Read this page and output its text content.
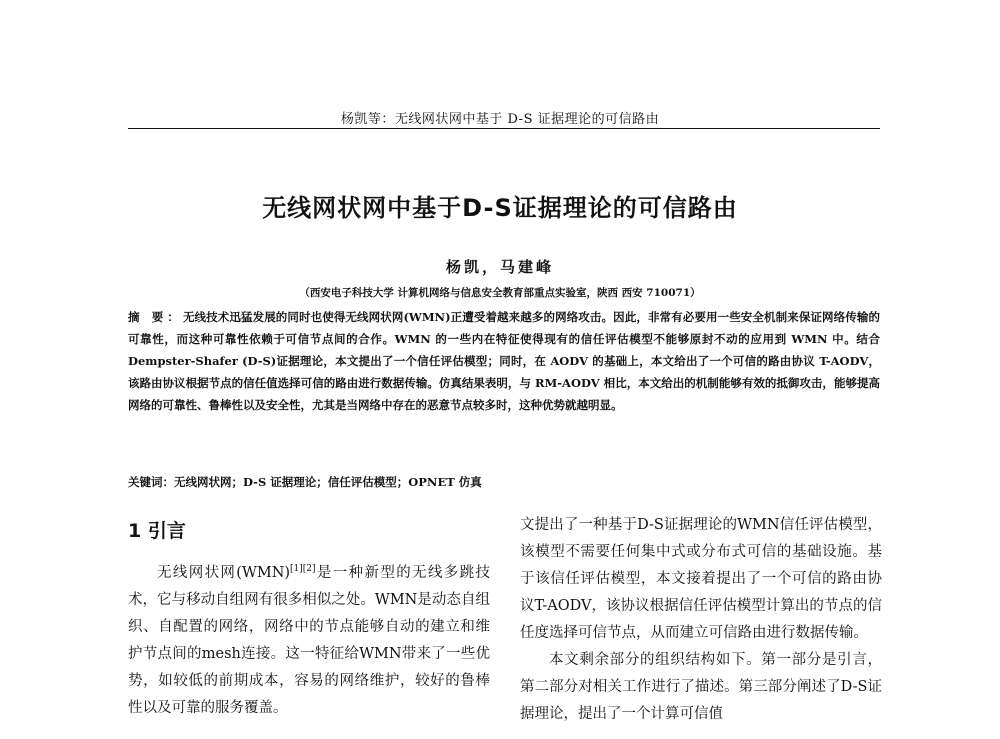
杨凯等：无线网状网中基于 D-S 证据理论的可信路由
无线网状网中基于D-S证据理论的可信路由
杨凯，马建峰
（西安电子科技大学 计算机网络与信息安全教育部重点实验室，陕西 西安 710071）

摘 要：无线技术迅猛发展的同时也使得无线网状网(WMN)正遭受着越来越多的网络攻击。因此，非常有必要用一些安全机制来保证网络传输的可靠性，而这种可靠性依赖于可信节点间的合作。WMN 的一些内在特征使得现有的信任评估模型不能够原封不动的应用到 WMN 中。结合 Dempster-Shafer (D-S)证据理论，本文提出了一个信任评估模型；同时，在 AODV 的基础上，本文给出了一个可信的路由协议 T-AODV，该路由协议根据节点的信任值选择可信的路由进行数据传输。仿真结果表明，与 RM-AODV 相比，本文给出的机制能够有效的抵御攻击，能够提高网络的可靠性、鲁棒性以及安全性，尤其是当网络中存在的恶意节点较多时，这种优势就越明显。

关键词：无线网状网；D-S 证据理论；信任评估模型；OPNET 仿真

1 引言

无线网状网(WMN)[1][2]是一种新型的无线多跳技术，它与移动自组网有很多相似之处。WMN是动态自组织、自配置的网络，网络中的节点能够自动的建立和维护节点间的mesh连接。这一特征给WMN带来了一些优势，如较低的前期成本，容易的网络维护，较好的鲁棒性以及可靠的服务覆盖。

文提出了一种基于D-S证据理论的WMN信任评估模型，该模型不需要任何集中式或分布式可信的基础设施。基于该信任评估模型，本文接着提出了一个可信的路由协议T-AODV，该协议根据信任评估模型计算出的节点的信任度选择可信节点，从而建立可信路由进行数据传输。

本文剩余部分的组织结构如下。第一部分是引言，第二部分对相关工作进行了描述。第三部分阐述了D-S证据理论，提出了一个计算可信值
